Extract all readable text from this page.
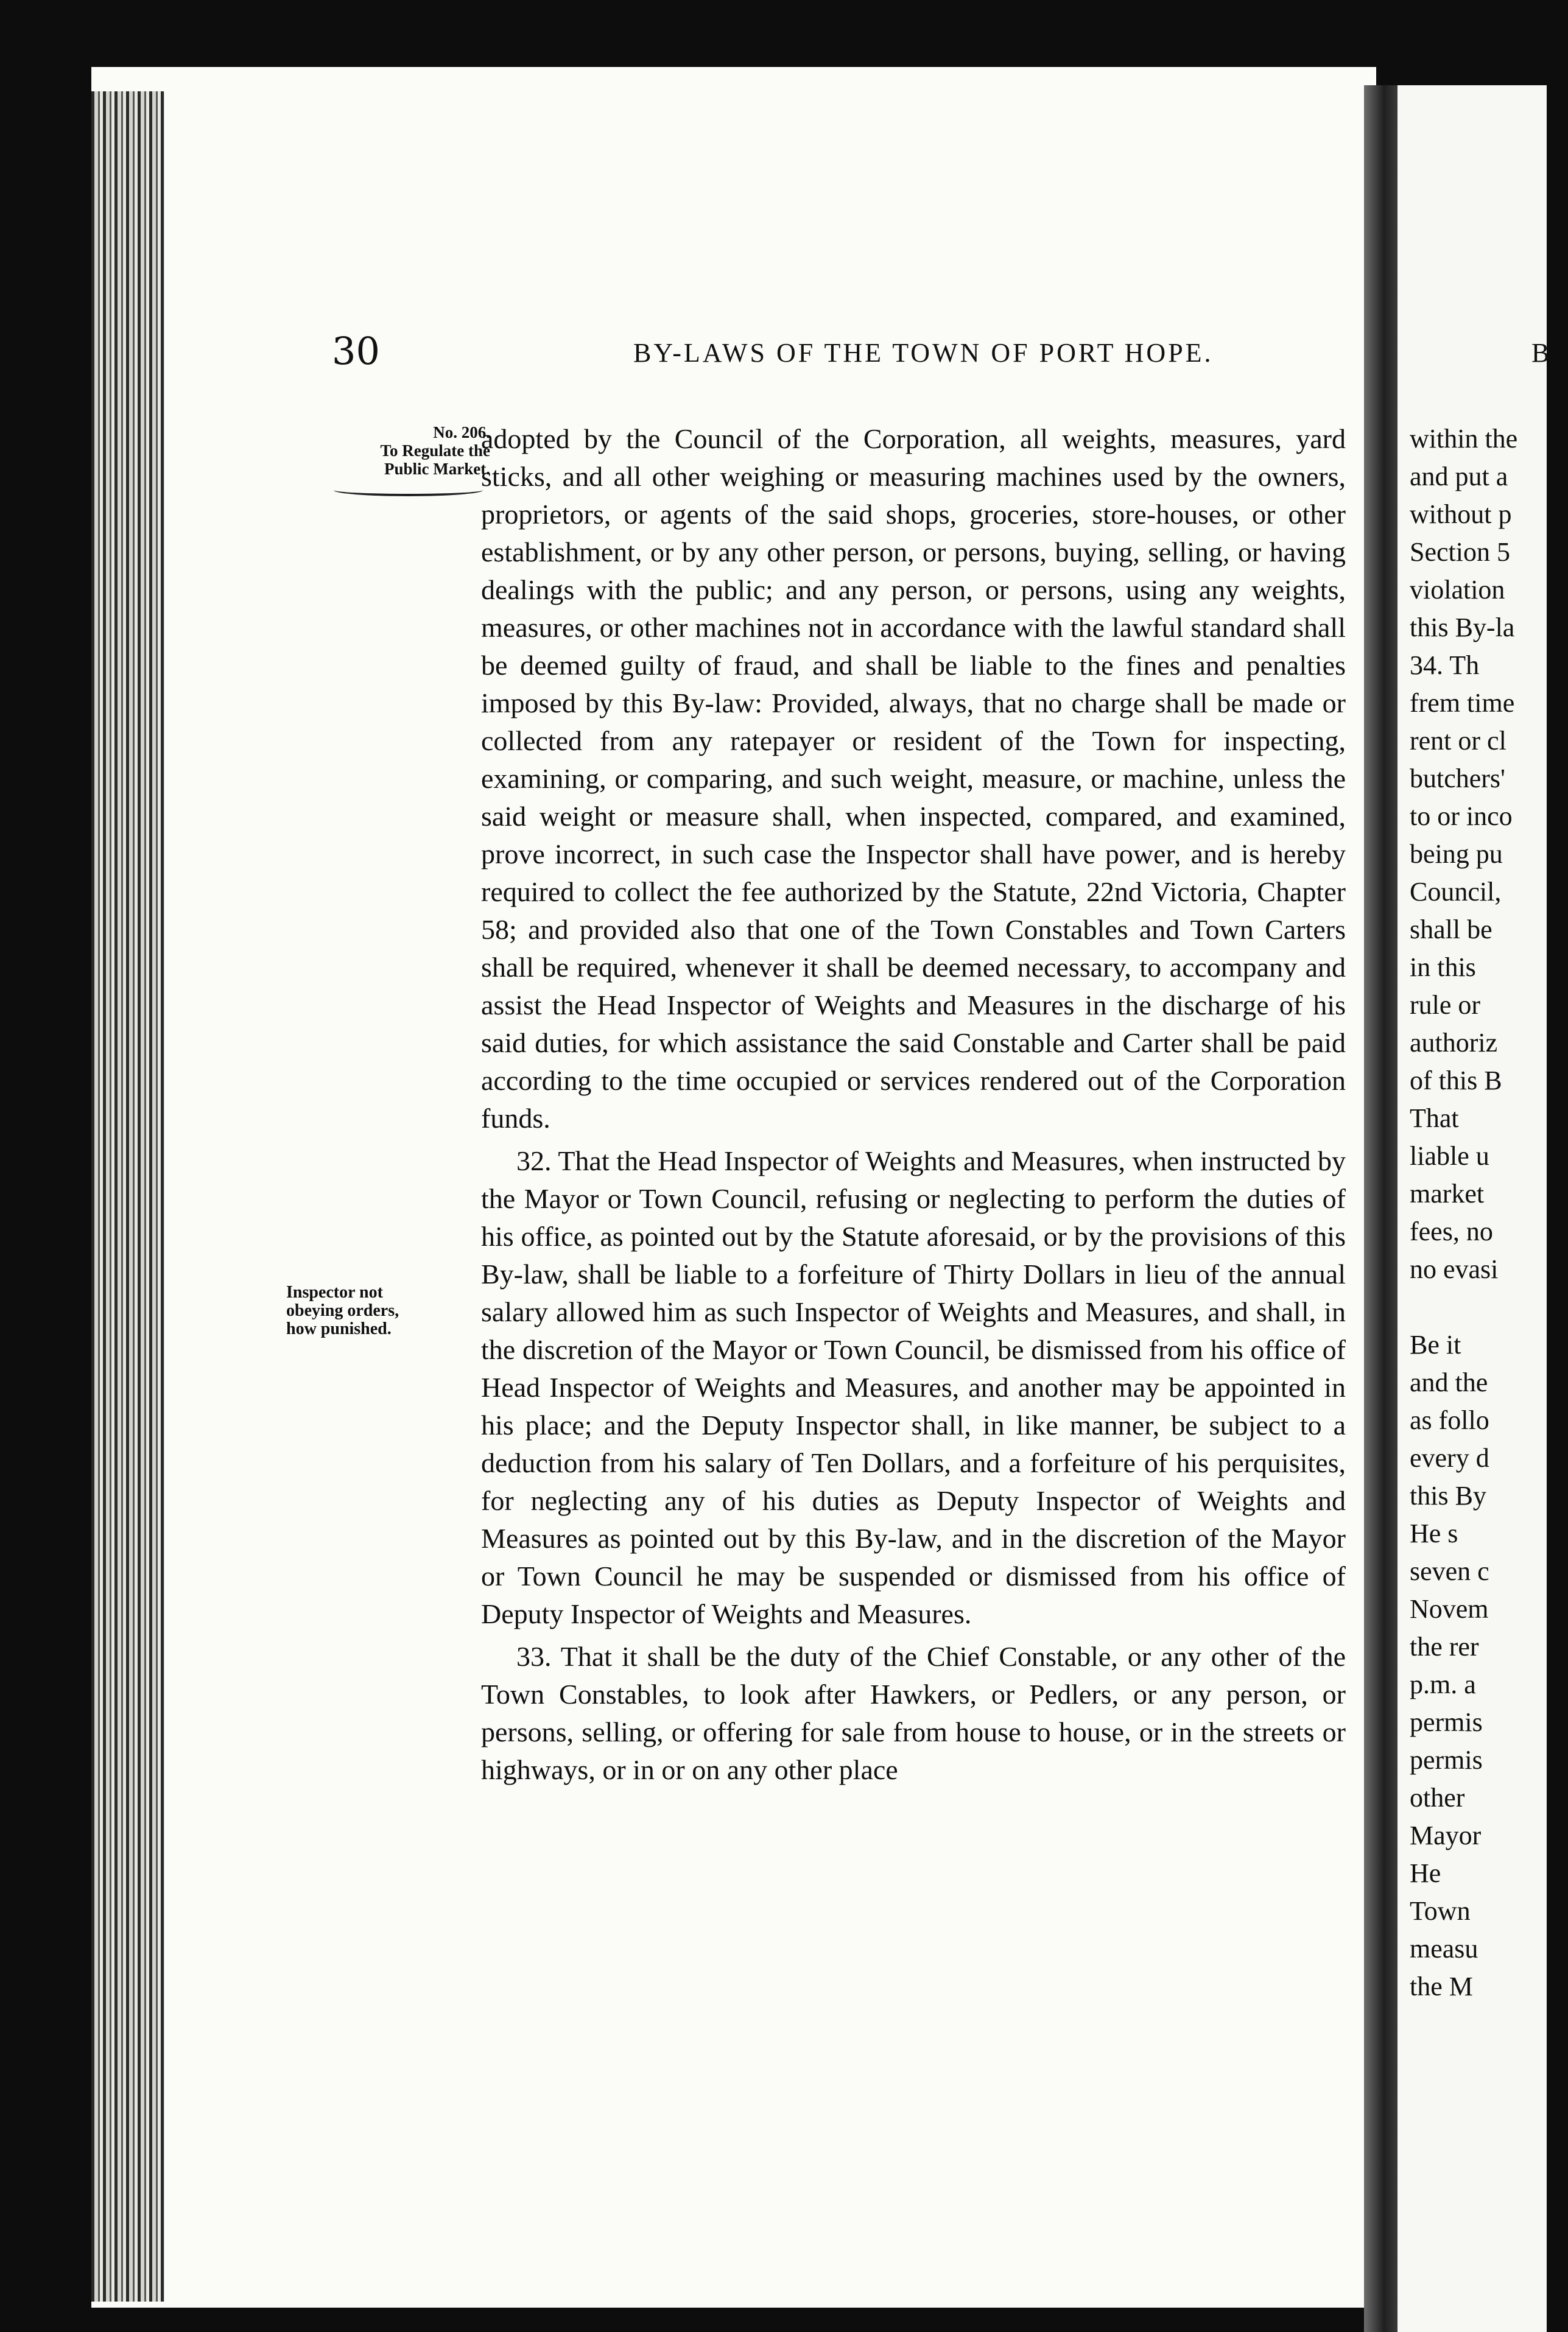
30	BY-LAWS OF THE TOWN OF PORT HOPE.	B
No. 206.
To Regulate the
Public Market.
Inspector not
obeying orders,
how punished.

adopted by the Council of the Corporation, all weights, measures, yard sticks, and all other weighing or measuring machines used by the owners, proprietors, or agents of the said shops, groceries, store-houses, or other establishment, or by any other person, or persons, buying, selling, or having dealings with the public; and any person, or persons, using any weights, measures, or other machines not in accordance with the lawful standard shall be deemed guilty of fraud, and shall be liable to the fines and penalties imposed by this By-law: Provided, always, that no charge shall be made or collected from any ratepayer or resident of the Town for inspecting, examining, or comparing, and such weight, measure, or machine, unless the said weight or measure shall, when inspected, compared, and examined, prove incorrect, in such case the Inspector shall have power, and is hereby required to collect the fee authorized by the Statute, 22nd Victoria, Chapter 58; and provided also that one of the Town Constables and Town Carters shall be required, whenever it shall be deemed necessary, to accompany and assist the Head Inspector of Weights and Measures in the discharge of his said duties, for which assistance the said Constable and Carter shall be paid according to the time occupied or services rendered out of the Corporation funds.

32. That the Head Inspector of Weights and Measures, when instructed by the Mayor or Town Council, refusing or neglecting to perform the duties of his office, as pointed out by the Statute aforesaid, or by the provisions of this By-law, shall be liable to a forfeiture of Thirty Dollars in lieu of the annual salary allowed him as such Inspector of Weights and Measures, and shall, in the discretion of the Mayor or Town Council, be dismissed from his office of Head Inspector of Weights and Measures, and another may be appointed in his place; and the Deputy Inspector shall, in like manner, be subject to a deduction from his salary of Ten Dollars, and a forfeiture of his perquisites, for neglecting any of his duties as Deputy Inspector of Weights and Measures as pointed out by this By-law, and in the discretion of the Mayor or Town Council he may be suspended or dismissed from his office of Deputy Inspector of Weights and Measures.

33. That it shall be the duty of the Chief Constable, or any other of the Town Constables, to look after Hawkers, or Pedlers, or any person, or persons, selling, or offering for sale from house to house, or in the streets or highways, or in or on any other place

within the
and put a
without p
Section 5
violation
this By-la
34. Th
frem time
rent or cl
butchers'
to or inco
being pu
Council,
shall be
in this
rule or
authoriz
of this B
That
liable u
market
fees, no
no evasi
Be it
and the
as follo
every d
this By
He s
seven c
Novem
the rer
p.m. a
permis
permis
other
Mayor
He
Town
measu
the M
